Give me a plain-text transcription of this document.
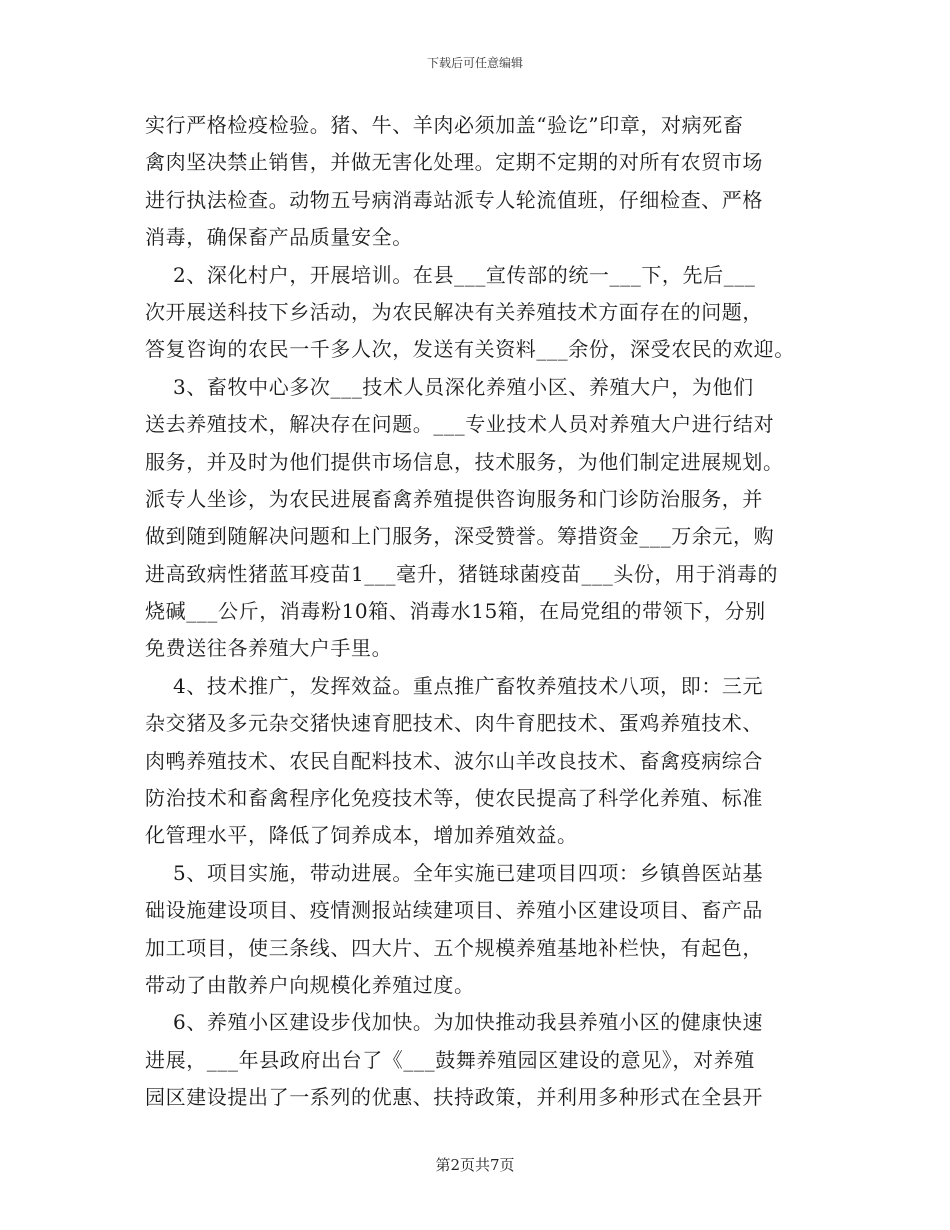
下载后可任意编辑
实行严格检疫检验。猪、牛、羊肉必须加盖“验讫”印章，对病死畜
禽肉坚决禁止销售，并做无害化处理。定期不定期的对所有农贸市场
进行执法检查。动物五号病消毒站派专人轮流值班，仔细检查、严格
消毒，确保畜产品质量安全。
2、深化村户，开展培训。在县___宣传部的统一___下，先后___
次开展送科技下乡活动，为农民解决有关养殖技术方面存在的问题，
答复咨询的农民一千多人次，发送有关资料___余份，深受农民的欢迎。
3、畜牧中心多次___技术人员深化养殖小区、养殖大户，为他们
送去养殖技术，解决存在问题。___专业技术人员对养殖大户进行结对
服务，并及时为他们提供市场信息，技术服务，为他们制定进展规划。
派专人坐诊，为农民进展畜禽养殖提供咨询服务和门诊防治服务，并
做到随到随解决问题和上门服务，深受赞誉。筹措资金___万余元，购
进高致病性猪蓝耳疫苗1___毫升，猪链球菌疫苗___头份，用于消毒的
烧碱___公斤，消毒粉10箱、消毒水15箱，在局党组的带领下，分别
免费送往各养殖大户手里。
4、技术推广，发挥效益。重点推广畜牧养殖技术八项，即：三元
杂交猪及多元杂交猪快速育肥技术、肉牛育肥技术、蛋鸡养殖技术、
肉鸭养殖技术、农民自配料技术、波尔山羊改良技术、畜禽疫病综合
防治技术和畜禽程序化免疫技术等，使农民提高了科学化养殖、标准
化管理水平，降低了饲养成本，增加养殖效益。
5、项目实施，带动进展。全年实施已建项目四项：乡镇兽医站基
础设施建设项目、疫情测报站续建项目、养殖小区建设项目、畜产品
加工项目，使三条线、四大片、五个规模养殖基地补栏快，有起色，
带动了由散养户向规模化养殖过度。
6、养殖小区建设步伐加快。为加快推动我县养殖小区的健康快速
进展，___年县政府出台了《___鼓舞养殖园区建设的意见》，对养殖
园区建设提出了一系列的优惠、扶持政策，并利用多种形式在全县开
第2页共7页
